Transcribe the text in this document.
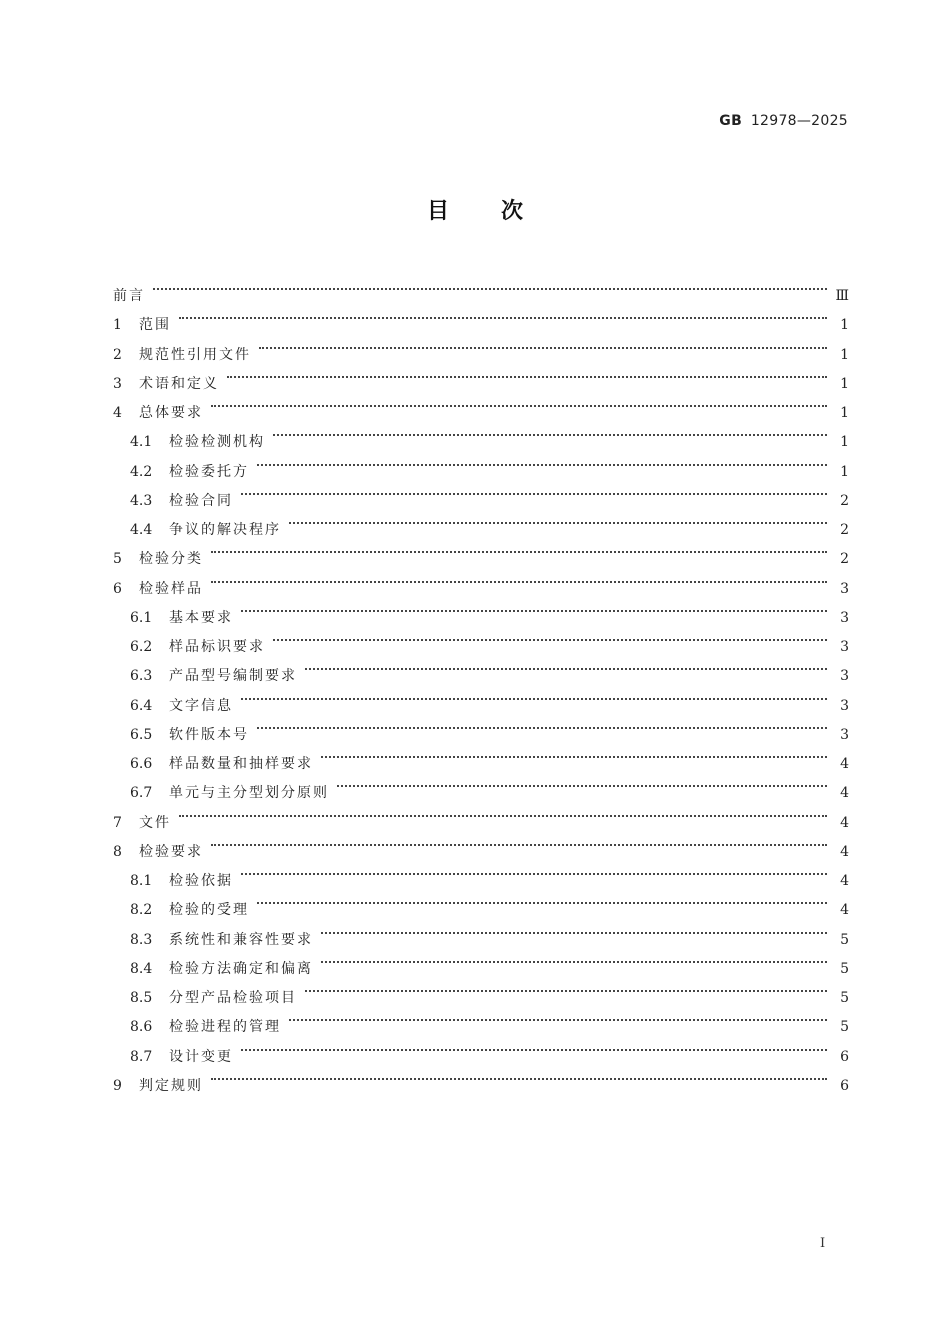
GB 12978—2025
目次
前言	Ⅲ
1	范围	1
2	规范性引用文件	1
3	术语和定义	1
4	总体要求	1
4.1	检验检测机构	1
4.2	检验委托方	1
4.3	检验合同	2
4.4	争议的解决程序	2
5	检验分类	2
6	检验样品	3
6.1	基本要求	3
6.2	样品标识要求	3
6.3	产品型号编制要求	3
6.4	文字信息	3
6.5	软件版本号	3
6.6	样品数量和抽样要求	4
6.7	单元与主分型划分原则	4
7	文件	4
8	检验要求	4
8.1	检验依据	4
8.2	检验的受理	4
8.3	系统性和兼容性要求	5
8.4	检验方法确定和偏离	5
8.5	分型产品检验项目	5
8.6	检验进程的管理	5
8.7	设计变更	6
9	判定规则	6
I
